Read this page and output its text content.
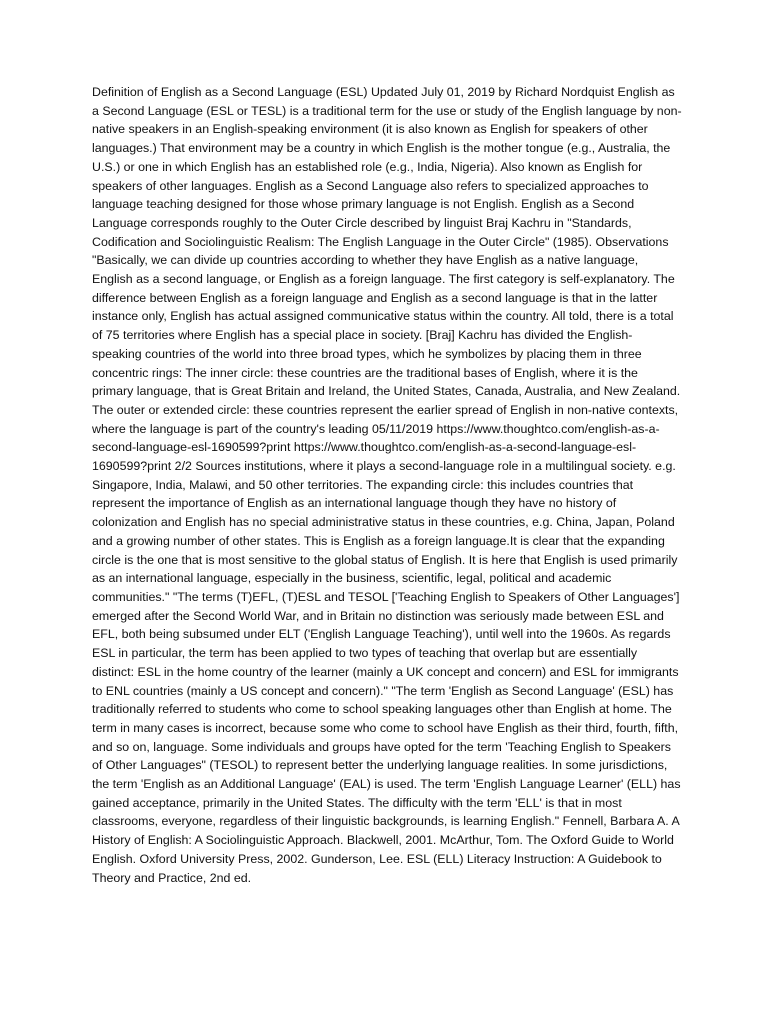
Definition of English as a Second Language (ESL) Updated July 01, 2019 by Richard Nordquist English as a Second Language (ESL or TESL) is a traditional term for the use or study of the English language by non-native speakers in an English-speaking environment (it is also known as English for speakers of other languages.) That environment may be a country in which English is the mother tongue (e.g., Australia, the U.S.) or one in which English has an established role (e.g., India, Nigeria). Also known as English for speakers of other languages. English as a Second Language also refers to specialized approaches to language teaching designed for those whose primary language is not English. English as a Second Language corresponds roughly to the Outer Circle described by linguist Braj Kachru in "Standards, Codification and Sociolinguistic Realism: The English Language in the Outer Circle" (1985). Observations "Basically, we can divide up countries according to whether they have English as a native language, English as a second language, or English as a foreign language. The first category is self-explanatory. The difference between English as a foreign language and English as a second language is that in the latter instance only, English has actual assigned communicative status within the country. All told, there is a total of 75 territories where English has a special place in society. [Braj] Kachru has divided the English-speaking countries of the world into three broad types, which he symbolizes by placing them in three concentric rings: The inner circle: these countries are the traditional bases of English, where it is the primary language, that is Great Britain and Ireland, the United States, Canada, Australia, and New Zealand. The outer or extended circle: these countries represent the earlier spread of English in non-native contexts, where the language is part of the country's leading 05/11/2019 https://www.thoughtco.com/english-as-a-second-language-esl-1690599?print https://www.thoughtco.com/english-as-a-second-language-esl-1690599?print 2/2 Sources institutions, where it plays a second-language role in a multilingual society. e.g. Singapore, India, Malawi, and 50 other territories. The expanding circle: this includes countries that represent the importance of English as an international language though they have no history of colonization and English has no special administrative status in these countries, e.g. China, Japan, Poland and a growing number of other states. This is English as a foreign language.It is clear that the expanding circle is the one that is most sensitive to the global status of English. It is here that English is used primarily as an international language, especially in the business, scientific, legal, political and academic communities." "The terms (T)EFL, (T)ESL and TESOL ['Teaching English to Speakers of Other Languages'] emerged after the Second World War, and in Britain no distinction was seriously made between ESL and EFL, both being subsumed under ELT ('English Language Teaching'), until well into the 1960s. As regards ESL in particular, the term has been applied to two types of teaching that overlap but are essentially distinct: ESL in the home country of the learner (mainly a UK concept and concern) and ESL for immigrants to ENL countries (mainly a US concept and concern)." "The term 'English as Second Language' (ESL) has traditionally referred to students who come to school speaking languages other than English at home. The term in many cases is incorrect, because some who come to school have English as their third, fourth, fifth, and so on, language. Some individuals and groups have opted for the term 'Teaching English to Speakers of Other Languages" (TESOL) to represent better the underlying language realities. In some jurisdictions, the term 'English as an Additional Language' (EAL) is used. The term 'English Language Learner' (ELL) has gained acceptance, primarily in the United States. The difficulty with the term 'ELL' is that in most classrooms, everyone, regardless of their linguistic backgrounds, is learning English." Fennell, Barbara A. A History of English: A Sociolinguistic Approach. Blackwell, 2001. McArthur, Tom. The Oxford Guide to World English. Oxford University Press, 2002. Gunderson, Lee. ESL (ELL) Literacy Instruction: A Guidebook to Theory and Practice, 2nd ed.
